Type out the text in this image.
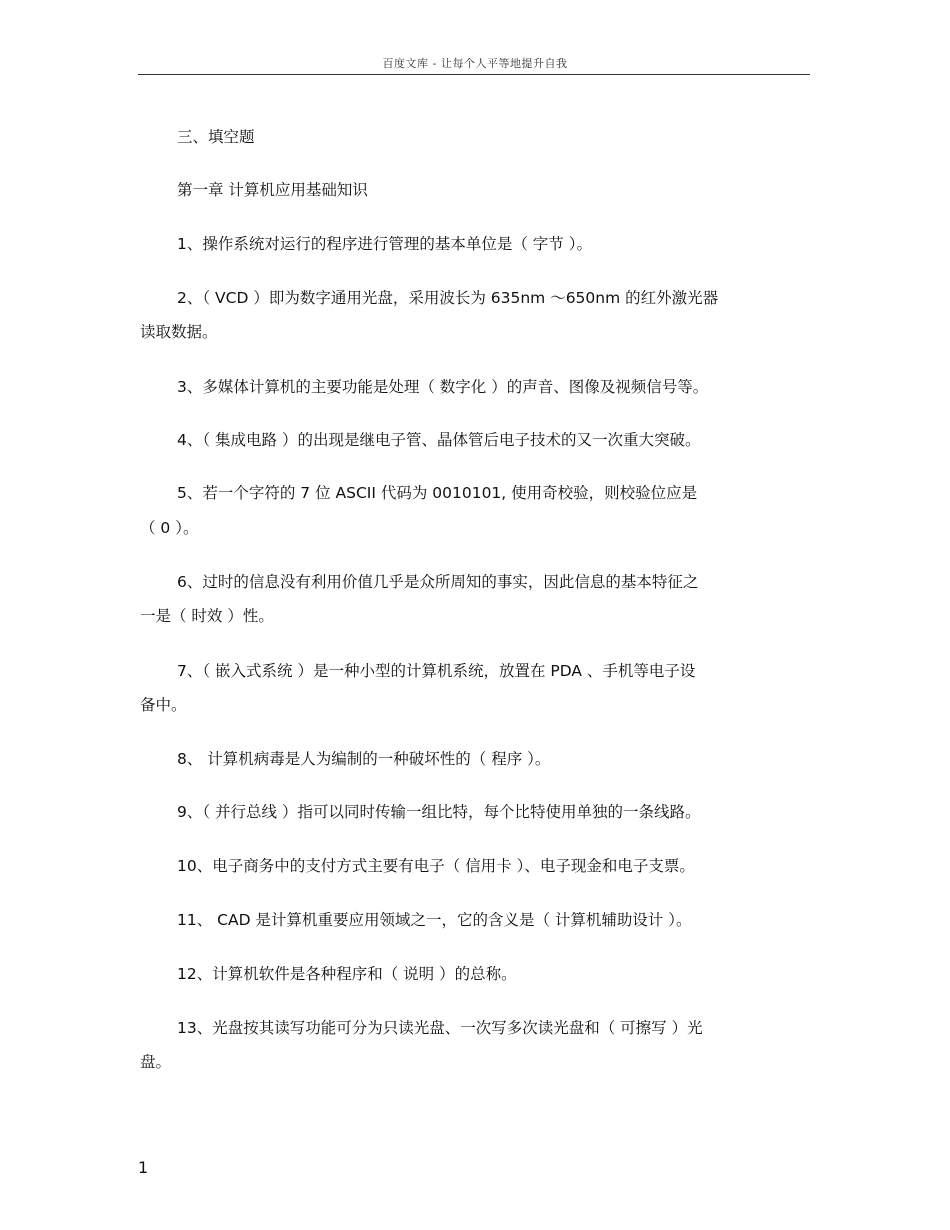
百度文库 - 让每个人平等地提升自我
三、填空题
第一章 计算机应用基础知识
1、操作系统对运行的程序进行管理的基本单位是（ 字节 ）。
2、（ VCD ）即为数字通用光盘，采用波长为 635nm ～650nm 的红外激光器
读取数据。
3、多媒体计算机的主要功能是处理（ 数字化 ）的声音、图像及视频信号等。
4、（ 集成电路 ）的出现是继电子管、晶体管后电子技术的又一次重大突破。
5、若一个字符的 7 位 ASCII 代码为 0010101, 使用奇校验，则校验位应是
（ 0 ）。
6、过时的信息没有利用价值几乎是众所周知的事实，因此信息的基本特征之
一是（ 时效 ）性。
7、（ 嵌入式系统 ）是一种小型的计算机系统，放置在 PDA 、手机等电子设
备中。
8、 计算机病毒是人为编制的一种破坏性的（ 程序 ）。
9、（ 并行总线 ）指可以同时传输一组比特，每个比特使用单独的一条线路。
10、电子商务中的支付方式主要有电子（ 信用卡 ）、电子现金和电子支票。
11、 CAD 是计算机重要应用领域之一，它的含义是（ 计算机辅助设计 ）。
12、计算机软件是各种程序和（ 说明 ）的总称。
13、光盘按其读写功能可分为只读光盘、一次写多次读光盘和（ 可擦写 ）光
盘。
1
